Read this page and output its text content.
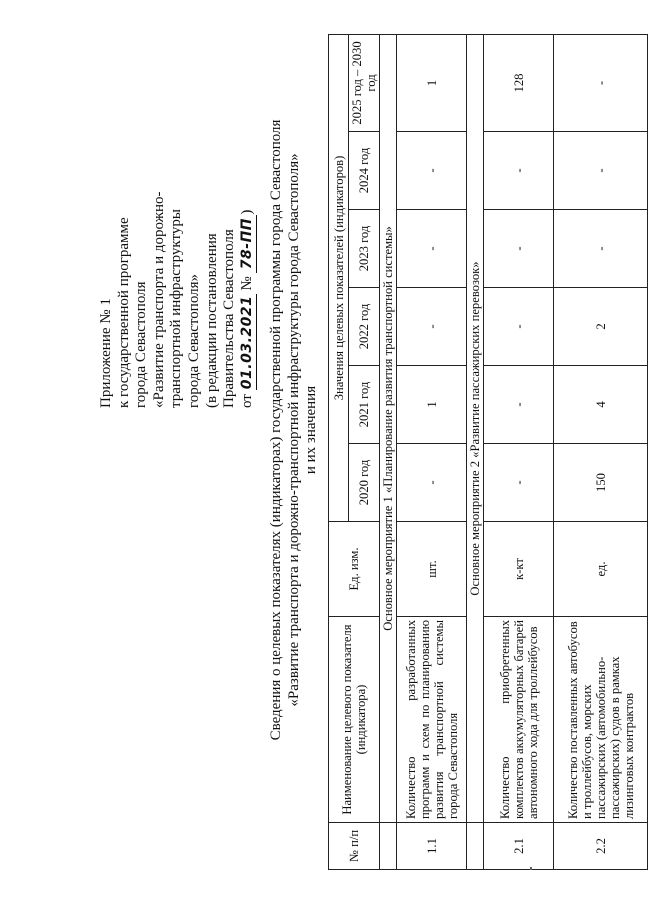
Приложение № 1 к государственной программе города Севастополя «Развитие транспорта и дорожно- транспортной инфраструктуры города Севастополя» (в редакции постановления Правительства Севастополя от 01.03.2021 № 78-ПП) Сведения о целевых показателях (индикаторах) государственной программы города Севастополя «Развитие транспорта и дорожно-транспортной инфраструктуры города Севастополя» и их значения
№ п/п	Наименование целевого показателя (индикатора)	Ед. изм.	Значения целевых показателей (индикаторов)					
			2020 год	2021 год	2022 год	2023 год	2024 год	2025 год – 2030 год
	Основное мероприятие 1 «Планирование развития транспортной системы»							
1.1	Количество разработанных программ и схем по планированию развития транспортной системы города Севастополя	шт.	-	1	-	-	-	1
	Основное мероприятие 2 «Развитие пассажирских перевозок»							
2.1	Количество приобретенных комплектов аккумуляторных батарей автономного хода для троллейбусов	к-кт	-	-	-	-	-	128
2.2	Количество поставленных автобусов и троллейбусов, морских пассажирских (автомобильно-пассажирских) судов в рамках лизинговых контрактов	ед.	150	4	2	-	-	-
